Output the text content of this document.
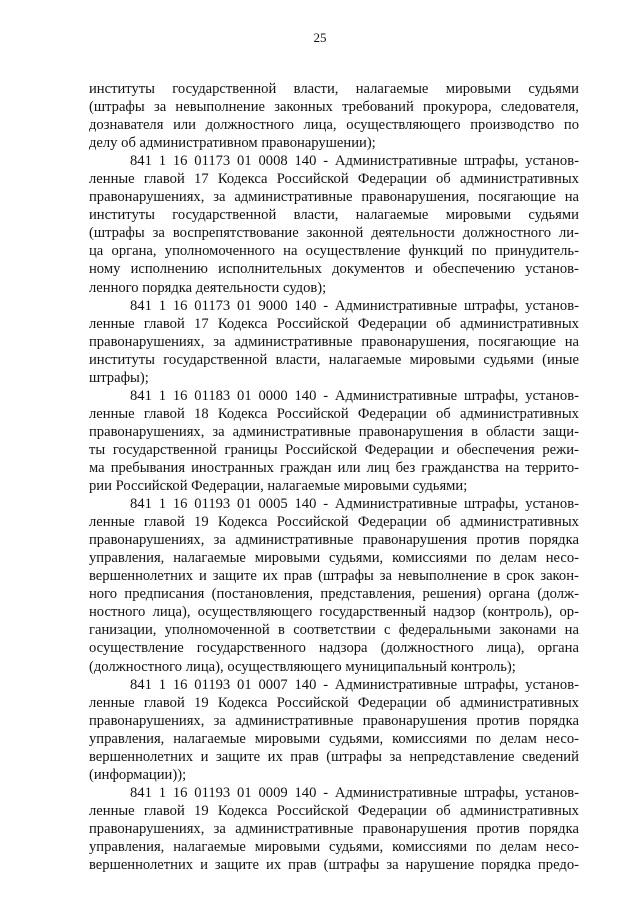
25
институты государственной власти, налагаемые мировыми судьями
(штрафы за невыполнение законных требований прокурора, следователя,
дознавателя или должностного лица, осуществляющего производство по
делу об административном правонарушении);
841 1 16 01173 01 0008 140 - Административные штрафы, установ-
ленные главой 17 Кодекса Российской Федерации об административных
правонарушениях, за административные правонарушения, посягающие на
институты государственной власти, налагаемые мировыми судьями
(штрафы за воспрепятствование законной деятельности должностного ли-
ца органа, уполномоченного на осуществление функций по принудитель-
ному исполнению исполнительных документов и обеспечению установ-
ленного порядка деятельности судов);
841 1 16 01173 01 9000 140 - Административные штрафы, установ-
ленные главой 17 Кодекса Российской Федерации об административных
правонарушениях, за административные правонарушения, посягающие на
институты государственной власти, налагаемые мировыми судьями (иные
штрафы);
841 1 16 01183 01 0000 140 - Административные штрафы, установ-
ленные главой 18 Кодекса Российской Федерации об административных
правонарушениях, за административные правонарушения в области защи-
ты государственной границы Российской Федерации и обеспечения режи-
ма пребывания иностранных граждан или лиц без гражданства на террито-
рии Российской Федерации, налагаемые мировыми судьями;
841 1 16 01193 01 0005 140 - Административные штрафы, установ-
ленные главой 19 Кодекса Российской Федерации об административных
правонарушениях, за административные правонарушения против порядка
управления, налагаемые мировыми судьями, комиссиями по делам несо-
вершеннолетних и защите их прав (штрафы за невыполнение в срок закон-
ного предписания (постановления, представления, решения) органа (долж-
ностного лица), осуществляющего государственный надзор (контроль), ор-
ганизации, уполномоченной в соответствии с федеральными законами на
осуществление государственного надзора (должностного лица), органа
(должностного лица), осуществляющего муниципальный контроль);
841 1 16 01193 01 0007 140 - Административные штрафы, установ-
ленные главой 19 Кодекса Российской Федерации об административных
правонарушениях, за административные правонарушения против порядка
управления, налагаемые мировыми судьями, комиссиями по делам несо-
вершеннолетних и защите их прав (штрафы за непредставление сведений
(информации));
841 1 16 01193 01 0009 140 - Административные штрафы, установ-
ленные главой 19 Кодекса Российской Федерации об административных
правонарушениях, за административные правонарушения против порядка
управления, налагаемые мировыми судьями, комиссиями по делам несо-
вершеннолетних и защите их прав (штрафы за нарушение порядка предо-
